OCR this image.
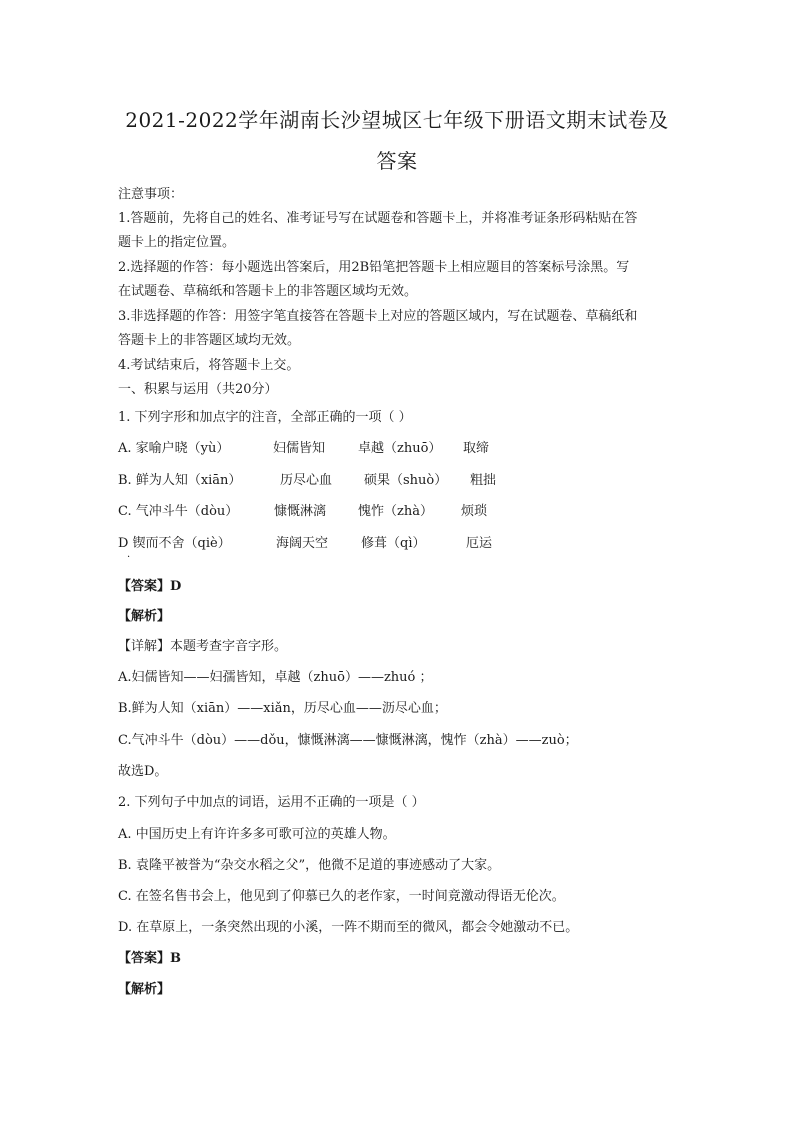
2021-2022学年湖南长沙望城区七年级下册语文期末试卷及
答案
注意事项：
1.答题前，先将自己的姓名、准考证号写在试题卷和答题卡上，并将准考证条形码粘贴在答
题卡上的指定位置。
2.选择题的作答：每小题选出答案后，用2B铅笔把答题卡上相应题目的答案标号涂黑。写
在试题卷、草稿纸和答题卡上的非答题区域均无效。
3.非选择题的作答：用签字笔直接答在答题卡上对应的答题区域内，写在试题卷、草稿纸和
答题卡上的非答题区域均无效。
4.考试结束后，将答题卡上交。
一、积累与运用（共20分）
1. 下列字形和加点字的注音，全部正确的一项（ ）
A. 家喻户晓（yù）	妇儒皆知	卓越（zhuō） 取缔
B. 鲜为人知（xiān）	历尽心血 硕果（shuò） 粗拙
C. 气冲斗牛（dòu）	慷慨淋漓 愧怍（zhà） 烦琐
D 锲而不舍（qiè）	海阔天空	修葺（qì）	厄运
·
【答案】D
【解析】
【详解】本题考查字音字形。
A.妇儒皆知——妇孺皆知，卓越（zhuō）——zhuó ；
B.鲜为人知（xiān）——xiǎn，历尽心血——沥尽心血；
C.气冲斗牛（dòu）——dǒu，慷慨淋漓——慷慨淋漓，愧怍（zhà）——zuò；
故选D。
2. 下列句子中加点的词语，运用不正确的一项是（ ）
A. 中国历史上有许许多多可歌可泣的英雄人物。
B. 袁隆平被誉为“杂交水稻之父”，他微不足道的事迹感动了大家。
C. 在签名售书会上，他见到了仰慕已久的老作家，一时间竟激动得语无伦次。
D. 在草原上，一条突然出现的小溪，一阵不期而至的微风，都会令她激动不已。
【答案】B
【解析】
